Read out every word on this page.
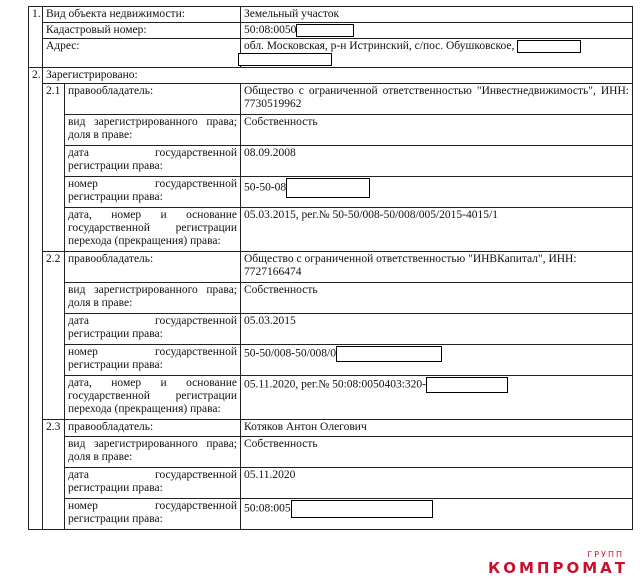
1.	Вид объекта недвижимости:		Земельный участок
	Кадастровый номер:		50:08:0050
	Адрес:		обл. Московская, р-н Истринский, с/пос. Обушковское,

2.	Зарегистрировано:		
	2.1	правообладатель:	Общество с ограниченной ответственностью "Инвестнедвижимость", ИНН: 7730519962
		вид зарегистрированного права; доля в праве:	Собственность
		дата государственной регистрации права:	08.09.2008
		номер государственной регистрации права:	50-50-08
		дата, номер и основание государственной регистрации перехода (прекращения) права:	05.03.2015, рег.№ 50-50/008-50/008/005/2015-4015/1
	2.2	правообладатель:	Общество с ограниченной ответственностью "ИНВКапитал", ИНН: 7727166474
		вид зарегистрированного права; доля в праве:	Собственность
		дата государственной регистрации права:	05.03.2015
		номер государственной регистрации права:	50-50/008-50/008/0
		дата, номер и основание государственной регистрации перехода (прекращения) права:	05.11.2020, рег.№ 50:08:0050403:320-
	2.3	правообладатель:	Котяков Антон Олегович
		вид зарегистрированного права; доля в праве:	Собственность
		дата государственной регистрации права:	05.11.2020
		номер государственной регистрации права:	50:08:005
ГРУПП
КОМПРОМАТ
